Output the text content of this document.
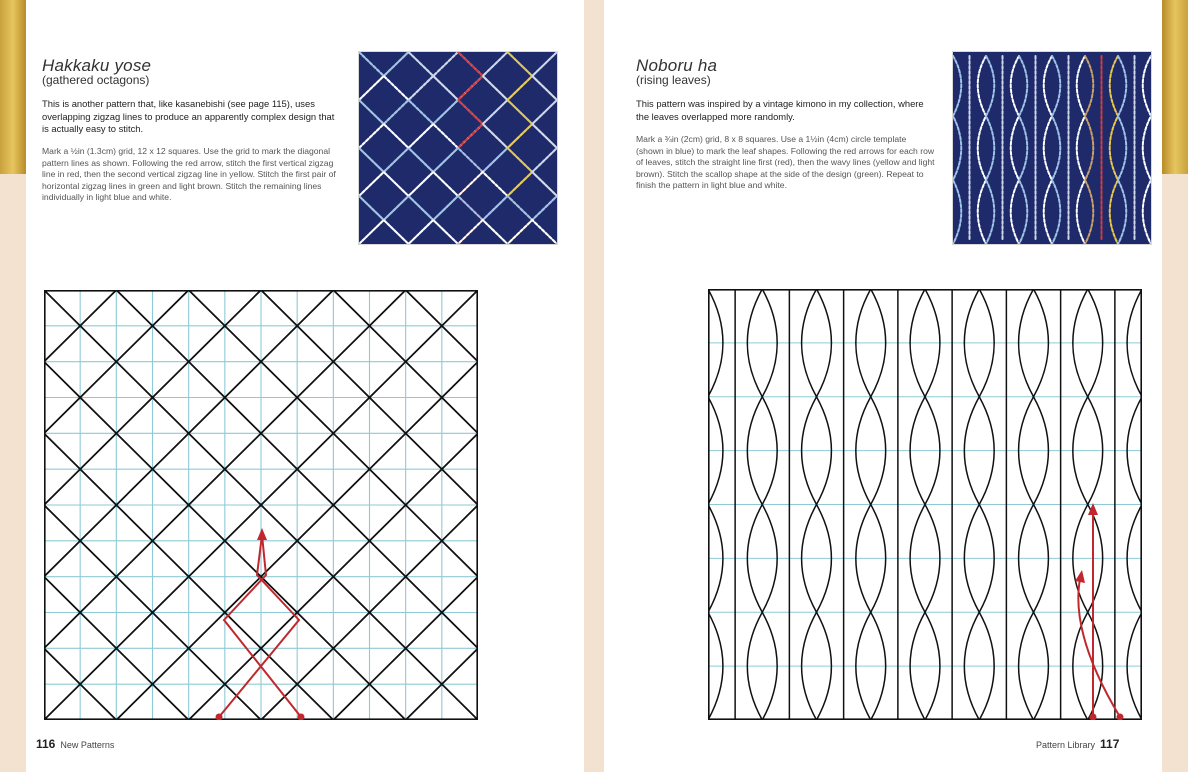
Hakkaku yose
(gathered octagons)
This is another pattern that, like kasanebishi (see page 115), uses overlapping zigzag lines to produce an apparently complex design that is actually easy to stitch.
Mark a ½in (1.3cm) grid, 12 x 12 squares. Use the grid to mark the diagonal pattern lines as shown. Following the red arrow, stitch the first vertical zigzag line in red, then the second vertical zigzag line in yellow. Stitch the first pair of horizontal zigzag lines in green and light brown. Stitch the remaining lines individually in light blue and white.
116 New Patterns
Noboru ha
(rising leaves)
This pattern was inspired by a vintage kimono in my collection, where the leaves overlapped more randomly.
Mark a ¾in (2cm) grid, 8 x 8 squares. Use a 1½in (4cm) circle template (shown in blue) to mark the leaf shapes. Following the red arrows for each row of leaves, stitch the straight line first (red), then the wavy lines (yellow and light brown). Stitch the scallop shape at the side of the design (green). Repeat to finish the pattern in light blue and white.
Pattern Library 117
